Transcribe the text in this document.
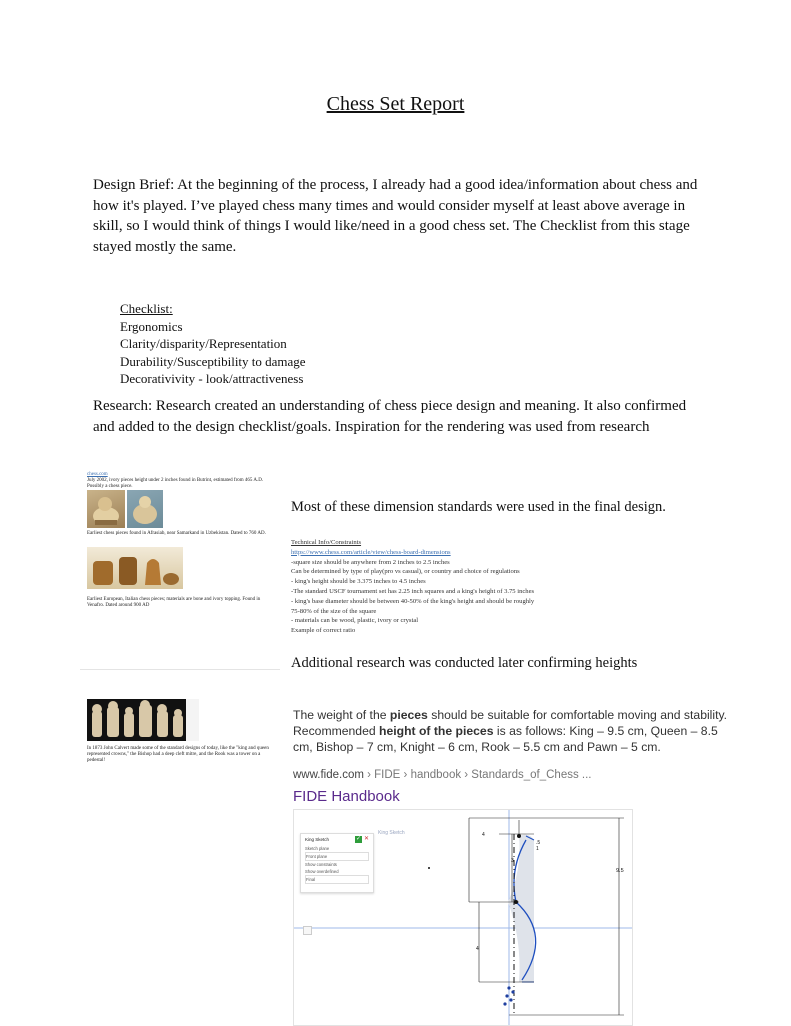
Chess Set Report
Design Brief: At the beginning of the process, I already had a good idea/information about chess and how it's played. I’ve played chess many times and would consider myself at least above average in skill, so I would think of things I would like/need in a good chess set. The Checklist from this stage stayed mostly the same.
Checklist:
Ergonomics
Clarity/disparity/Representation
Durability/Susceptibility to damage
Decorativivity - look/attractiveness
Research: Research created an understanding of chess piece design and meaning. It also confirmed and added to the design checklist/goals. Inspiration for the rendering was used from research
chess.com
July 2002, ivory pieces height under 2 inches found in Butrint, estimated from 465 A.D. Possibly a chess piece.
Earliest chess pieces found in Afrasiab, near Samarkand in Uzbekistan. Dated to 760 AD.
Earliest European, Italian chess pieces; materials are bone and ivory topping. Found in Venafro. Dated around 900 AD
Most of these dimension standards were used in the final design.
Technical Info/Constraints
https://www.chess.com/article/view/chess-board-dimensions
-square size should be anywhere from 2 inches to 2.5 inches
Can be determined by type of play(pro vs casual), or country and choice of regulations
- king's height should be 3.375 inches to 4.5 inches
-The standard USCF tournament set has 2.25 inch squares and a king's height of 3.75 inches
- king's base diameter should be between 40-50% of the king's height and should be roughly
75-80% of the size of the square
- materials can be wood, plastic, ivory or crystal
Example of correct ratio
Additional research was conducted later confirming heights
In 1873 John Calvert made some of the standard designs of today, like the "king and queen represented crowns," the Bishop had a deep cleft mitre, and the Rook was a tower on a pedestal!
The weight of the pieces should be suitable for comfortable moving and stability. Recommended height of the pieces is as follows: King – 9.5 cm, Queen – 8.5 cm, Bishop – 7 cm, Knight – 6 cm, Rook – 5.5 cm and Pawn – 5 cm.
www.fide.com › FIDE › handbook › Standards_of_Chess ...
FIDE Handbook
King Sketch
9.5
4
3
4
.5
1
King Sketch	✓ ✕
Sketch plane
Front plane
Show constraints
Show overdefined
Final
